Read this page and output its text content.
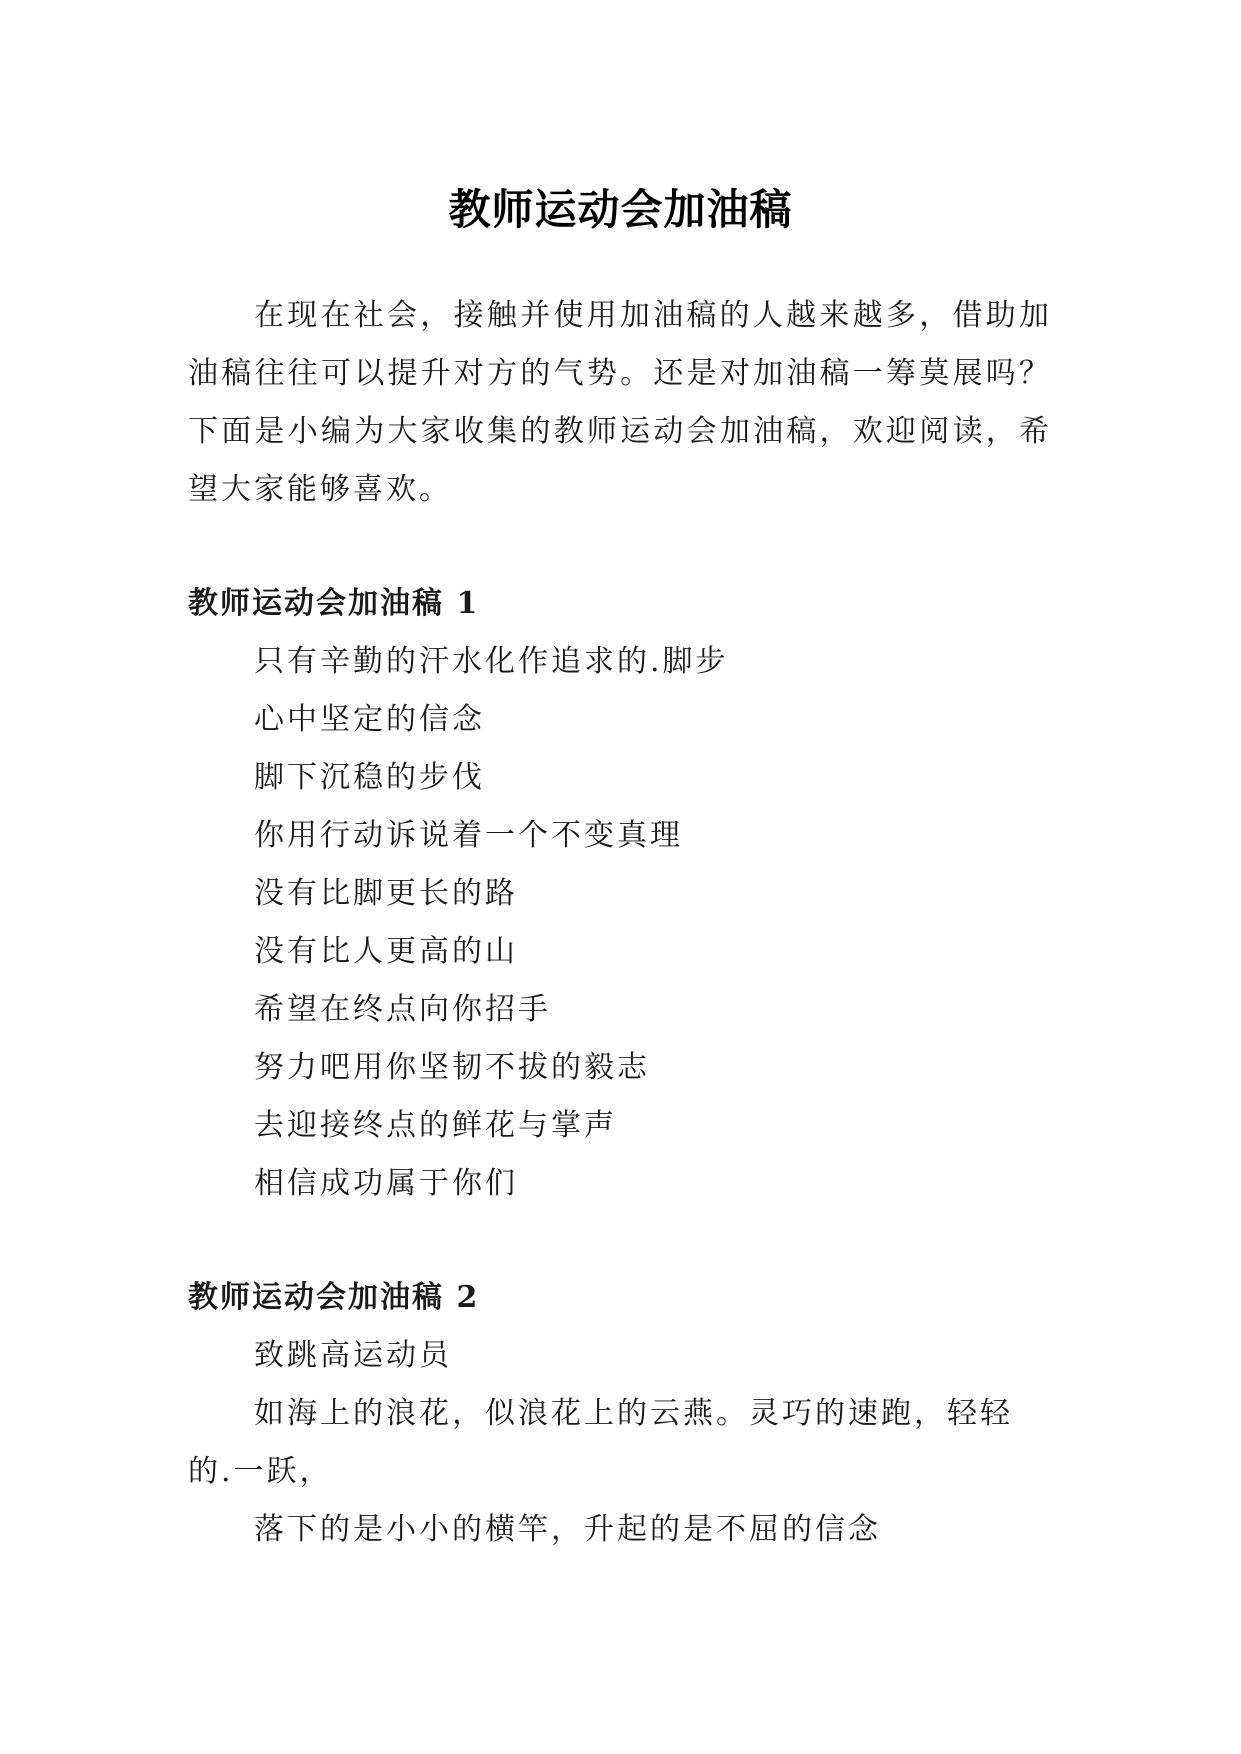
教师运动会加油稿

在现在社会，接触并使用加油稿的人越来越多，借助加油稿往往可以提升对方的气势。还是对加油稿一筹莫展吗？下面是小编为大家收集的教师运动会加油稿，欢迎阅读，希望大家能够喜欢。

教师运动会加油稿 1
只有辛勤的汗水化作追求的.脚步
心中坚定的信念
脚下沉稳的步伐
你用行动诉说着一个不变真理
没有比脚更长的路
没有比人更高的山
希望在终点向你招手
努力吧用你坚韧不拔的毅志
去迎接终点的鲜花与掌声
相信成功属于你们
教师运动会加油稿 2
致跳高运动员

如海上的浪花，似浪花上的云燕。灵巧的速跑，轻轻的.一跃，

落下的是小小的横竿，升起的是不屈的信念
